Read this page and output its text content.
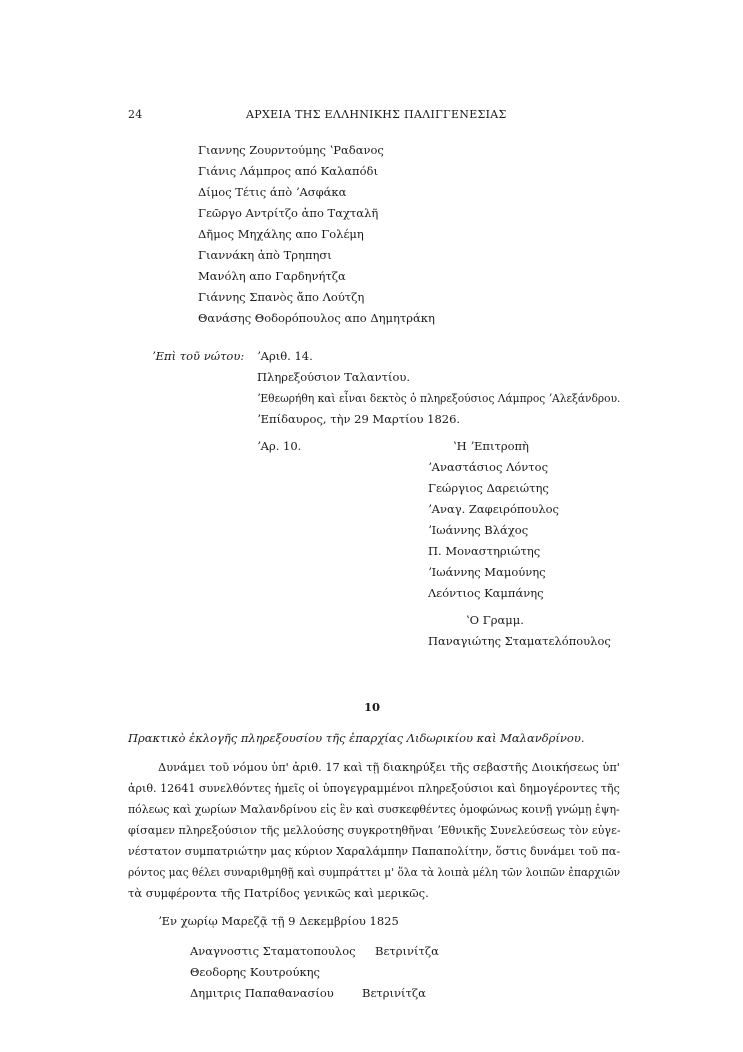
24	ΑΡΧΕΙΑ ΤΗΣ ΕΛΛΗΝΙΚΗΣ ΠΑΛΙΓΓΕΝΕΣΙΑΣ
Γιαννης Ζουρντούμης ʽΡαδανος
Γιάνις Λάμπρος από Καλαπόδι
Δίμος Τέτις άπὸ ʼΑσφάκα
Γεῶργο Αντρίτζο ἀπο Ταχταλῆ
Δῆμος Μηχάλης απο Γολέμη
Γιαννάκη ἀπὸ Τρηπησι
Μανόλη απο Γαρδηνήτζα
Γιάννης Σπανὸς ἄπο Λούτζη
Θανάσης Θοδορόπουλος απο Δημητράκη
ʼΕπὶ τοῦ νώτου: ʼΑριθ. 14.
Πληρεξούσιον Ταλαντίου.
ʼΕθεωρήθη καὶ εἶναι δεκτὸς ὁ πληρεξούσιος Λάμπρος ʼΑλεξάνδρου.
ʼΕπίδαυρος, τὴν 29 Μαρτίου 1826.
ʼΑρ. 10.	ʽΗ ʼΕπιτροπὴ
ʼΑναστάσιος Λόντος
Γεώργιος Δαρειώτης
ʼΑναγ. Ζαφειρόπουλος
ʼΙωάννης Βλάχος
Π. Μοναστηριώτης
ʼΙωάννης Μαμούνης
Λεόντιος Καμπάνης
ʽΟ Γραμμ.
Παναγιώτης Σταματελόπουλος
10
Πρακτικὸ ἐκλογῆς πληρεξουσίου τῆς ἐπαρχίας Λιδωρικίου καὶ Μαλανδρίνου.
Δυνάμει τοῦ νόμου ὑπ' ἀριθ. 17 καὶ τῇ διακηρύξει τῆς σεβαστῆς Διοικήσεως ὑπ'
ἀριθ. 12641 συνελθόντες ἡμεῖς οἱ ὑπογεγραμμένοι πληρεξούσιοι καὶ δημογέροντες τῆς
πόλεως καὶ χωρίων Μαλανδρίνου εἰς ἓν καὶ συσκεφθέντες ὁμοφώνως κοινῇ γνώμῃ ἐψη-
φίσαμεν πληρεξούσιον τῆς μελλούσης συγκροτηθῆναι ʼΕθνικῆς Συνελεύσεως τὸν εὐγε-
νέστατον συμπατριώτην μας κύριον Χαραλάμπην Παπαπολίτην, ὅστις δυνάμει τοῦ πα-
ρόντος μας θέλει συναριθμηθῇ καὶ συμπράττει μ' ὅλα τὰ λοιπὰ μέλη τῶν λοιπῶν ἐπαρχιῶν
τὰ συμφέροντα τῆς Πατρίδος γενικῶς καὶ μερικῶς.
ʼΕν χωρίῳ Μαρεζᾷ τῇ 9 Δεκεμβρίου 1825
Αναγνοστις Σταματοπουλος Βετρινίτζα
Θεοδορης Κουτρούκης
Δημιτρις Παπαθανασίου Βετρινίτζα
